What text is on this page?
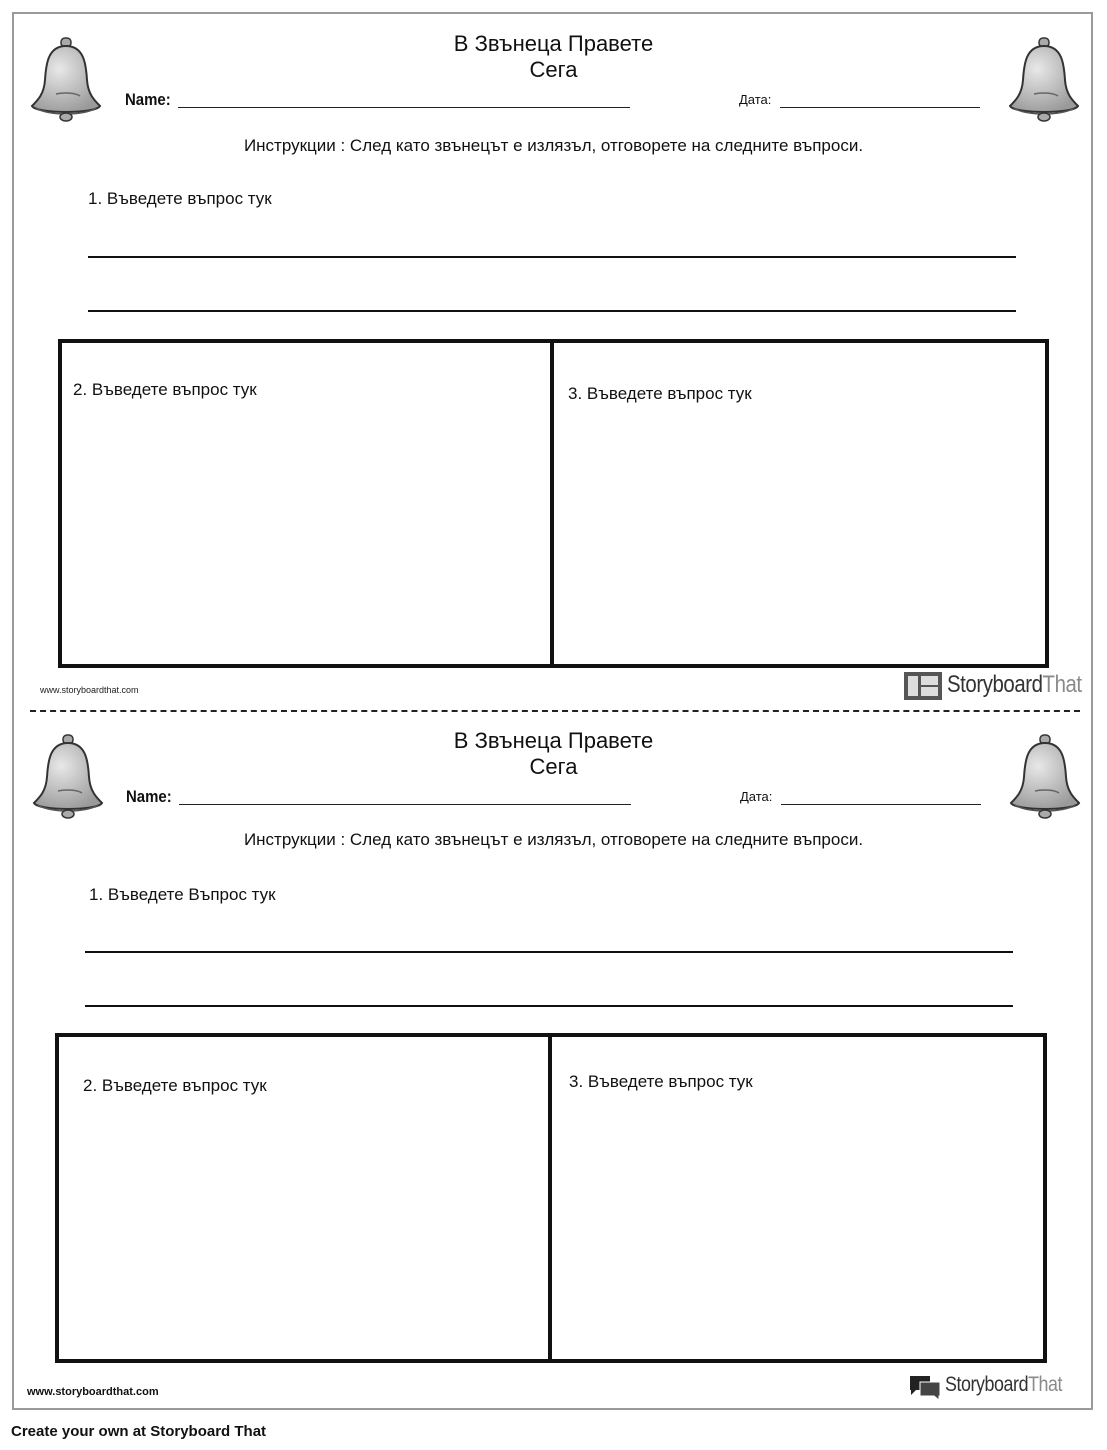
В Звънеца Правете
Сега
Name:	Дата:
Инструкции : След като звънецът е излязъл, отговорете на следните въпроси.
1. Въведете въпрос тук
2. Въведете въпрос тук	3. Въведете въпрос тук
www.storyboardthat.com	StoryboardThat
В Звънеца Правете
Сега
Name:	Дата:
Инструкции : След като звънецът е излязъл, отговорете на следните въпроси.
1. Въведете Въпрос тук
2. Въведете въпрос тук	3. Въведете въпрос тук
www.storyboardthat.com	StoryboardThat
Create your own at Storyboard That
